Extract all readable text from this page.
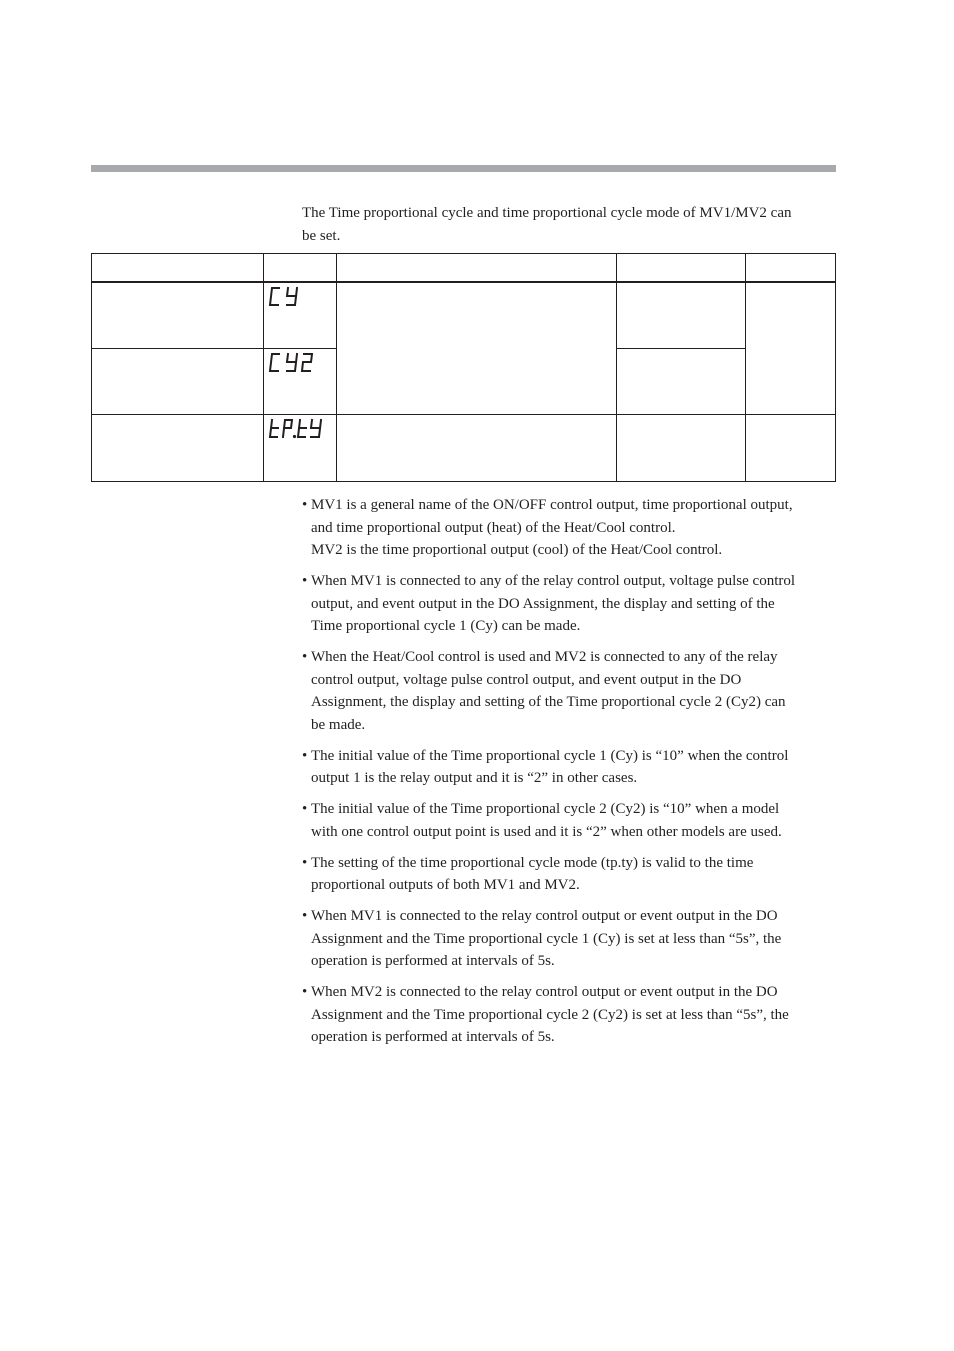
The Time proportional cycle and time proportional cycle mode of MV1/MV2 can
be set.

• MV1 is a general name of the ON/OFF control output, time proportional output,
and time proportional output (heat) of the Heat/Cool control.
MV2 is the time proportional output (cool) of the Heat/Cool control.
• When MV1 is connected to any of the relay control output, voltage pulse control
output, and event output in the DO Assignment, the display and setting of the
Time proportional cycle 1 (Cy) can be made.
• When the Heat/Cool control is used and MV2 is connected to any of the relay
control output, voltage pulse control output, and event output in the DO
Assignment, the display and setting of the Time proportional cycle 2 (Cy2) can
be made.
• The initial value of the Time proportional cycle 1 (Cy) is “10” when the control
output 1 is the relay output and it is “2” in other cases.
• The initial value of the Time proportional cycle 2 (Cy2) is “10” when a model
with one control output point is used and it is “2” when other models are used.
• The setting of the time proportional cycle mode (tp.ty) is valid to the time
proportional outputs of both MV1 and MV2.
• When MV1 is connected to the relay control output or event output in the DO
Assignment and the Time proportional cycle 1 (Cy) is set at less than “5s”, the
operation is performed at intervals of 5s.
• When MV2 is connected to the relay control output or event output in the DO
Assignment and the Time proportional cycle 2 (Cy2) is set at less than “5s”, the
operation is performed at intervals of 5s.
